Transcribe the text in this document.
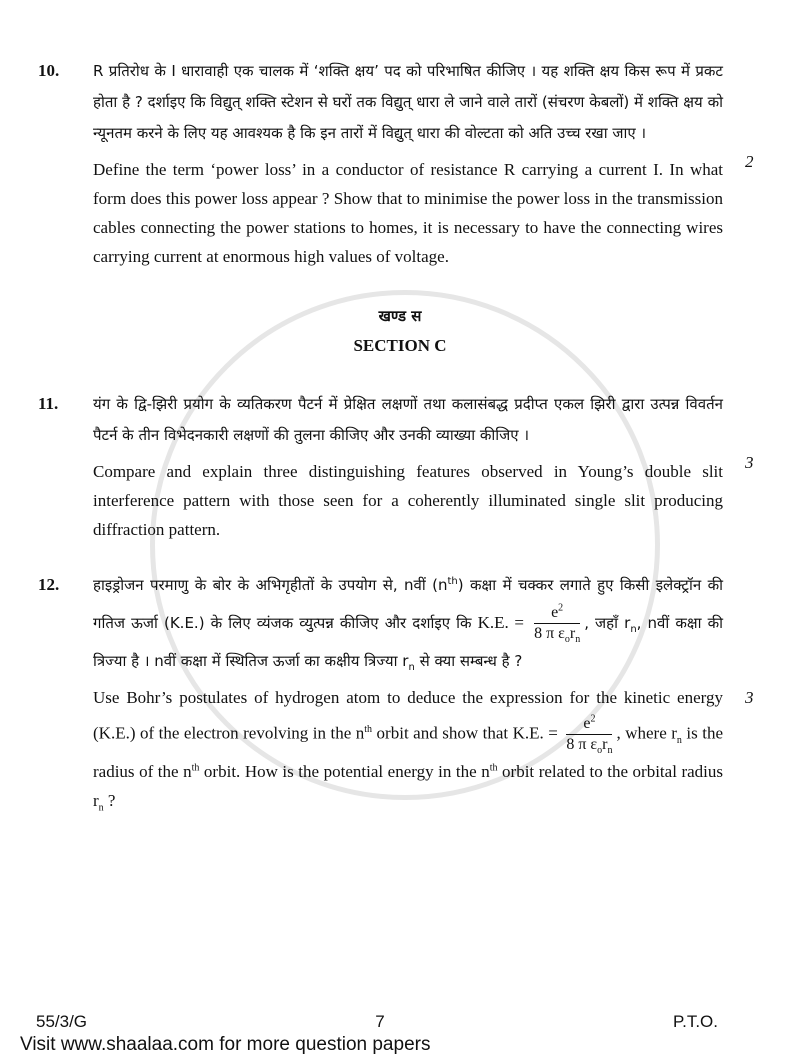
10.	R प्रतिरोध के I धारावाही एक चालक में ‘शक्ति क्षय’ पद को परिभाषित कीजिए । यह शक्ति क्षय किस रूप में प्रकट होता है ? दर्शाइए कि विद्युत् शक्ति स्टेशन से घरों तक विद्युत् धारा ले जाने वाले तारों (संचरण केबलों) में शक्ति क्षय को न्यूनतम करने के लिए यह आवश्यक है कि इन तारों में विद्युत् धारा की वोल्टता को अति उच्च रखा जाए ।

Define the term ‘power loss’ in a conductor of resistance R carrying a current I. In what form does this power loss appear ? Show that to minimise the power loss in the transmission cables connecting the power stations to homes, it is necessary to have the connecting wires carrying current at enormous high values of voltage.

2
खण्ड स
SECTION C
11.	यंग के द्वि-झिरी प्रयोग के व्यतिकरण पैटर्न में प्रेक्षित लक्षणों तथा कलासंबद्ध प्रदीप्त एकल झिरी द्वारा उत्पन्न विवर्तन पैटर्न के तीन विभेदनकारी लक्षणों की तुलना कीजिए और उनकी व्याख्या कीजिए ।

Compare and explain three distinguishing features observed in Young’s double slit interference pattern with those seen for a coherently illuminated single slit producing diffraction pattern.

3
12.	हाइड्रोजन परमाणु के बोर के अभिगृहीतों के उपयोग से, nवीं $(n^{th})$ कक्षा में चक्कर लगाते हुए किसी इलेक्ट्रॉन की गतिज ऊर्जा (K.E.) के लिए व्यंजक व्युत्पन्न कीजिए और दर्शाइए कि K.E. = $\frac{e^2}{8 \pi \varepsilon_or_n}$ , जहाँ $r_n$, nवीं कक्षा की त्रिज्या है । nवीं कक्षा में स्थितिज ऊर्जा का कक्षीय त्रिज्या $r_n$ से क्या सम्बन्ध है ?

Use Bohr’s postulates of hydrogen atom to deduce the expression for the kinetic energy (K.E.) of the electron revolving in the $n^{th}$ orbit and show that K.E. = $\frac{e^2}{8 \pi \varepsilon_or_n}$ , where $r_n$ is the radius of the $n^{th}$ orbit. How is the potential energy in the $n^{th}$ orbit related to the orbital radius $r_n$ ?

3
55/3/G	7	P.T.O.
Visit www.shaalaa.com for more question papers
